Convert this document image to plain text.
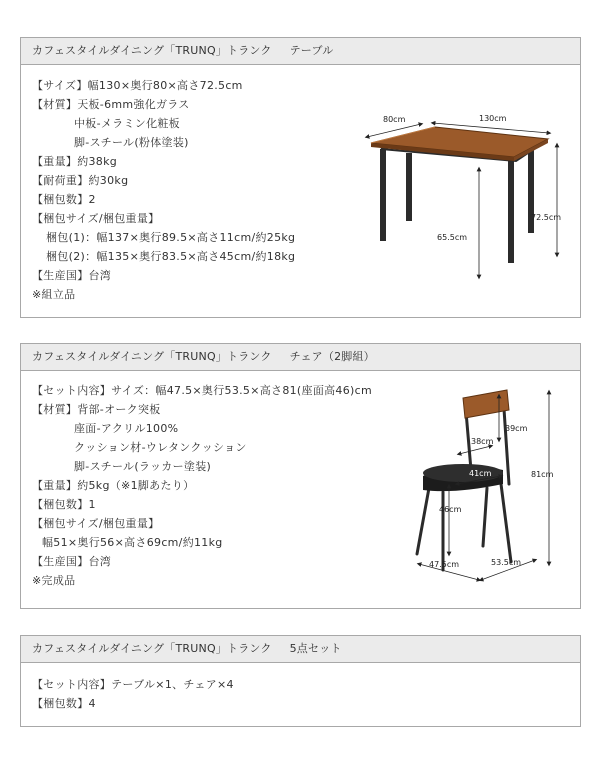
カフェスタイルダイニング「TRUNQ」トランク テーブル
【サイズ】幅130×奥行80×高さ72.5cm
【材質】天板-6mm強化ガラス
中板-メラミン化粧板
脚-スチール(粉体塗装)
【重量】約38kg
【耐荷重】約30kg
【梱包数】2
【梱包サイズ/梱包重量】
梱包(1)：幅137×奥行89.5×高さ11cm/約25kg
梱包(2)：幅135×奥行83.5×高さ45cm/約18kg
【生産国】台湾
※組立品
80cm	130cm
72.5cm
65.5cm
カフェスタイルダイニング「TRUNQ」トランク チェア（2脚組）
【セット内容】サイズ：幅47.5×奥行53.5×高さ81(座面高46)cm
【材質】背部-オーク突板
座面-アクリル100%
クッション材-ウレタンクッション
脚-スチール(ラッカー塗装)
【重量】約5kg（※1脚あたり）
【梱包数】1
【梱包サイズ/梱包重量】
幅51×奥行56×高さ69cm/約11kg
【生産国】台湾
※完成品
39cm
38cm
41cm
46cm
81cm
47.5cm	53.5cm
カフェスタイルダイニング「TRUNQ」トランク 5点セット
【セット内容】テーブル×1、チェア×4
【梱包数】4
